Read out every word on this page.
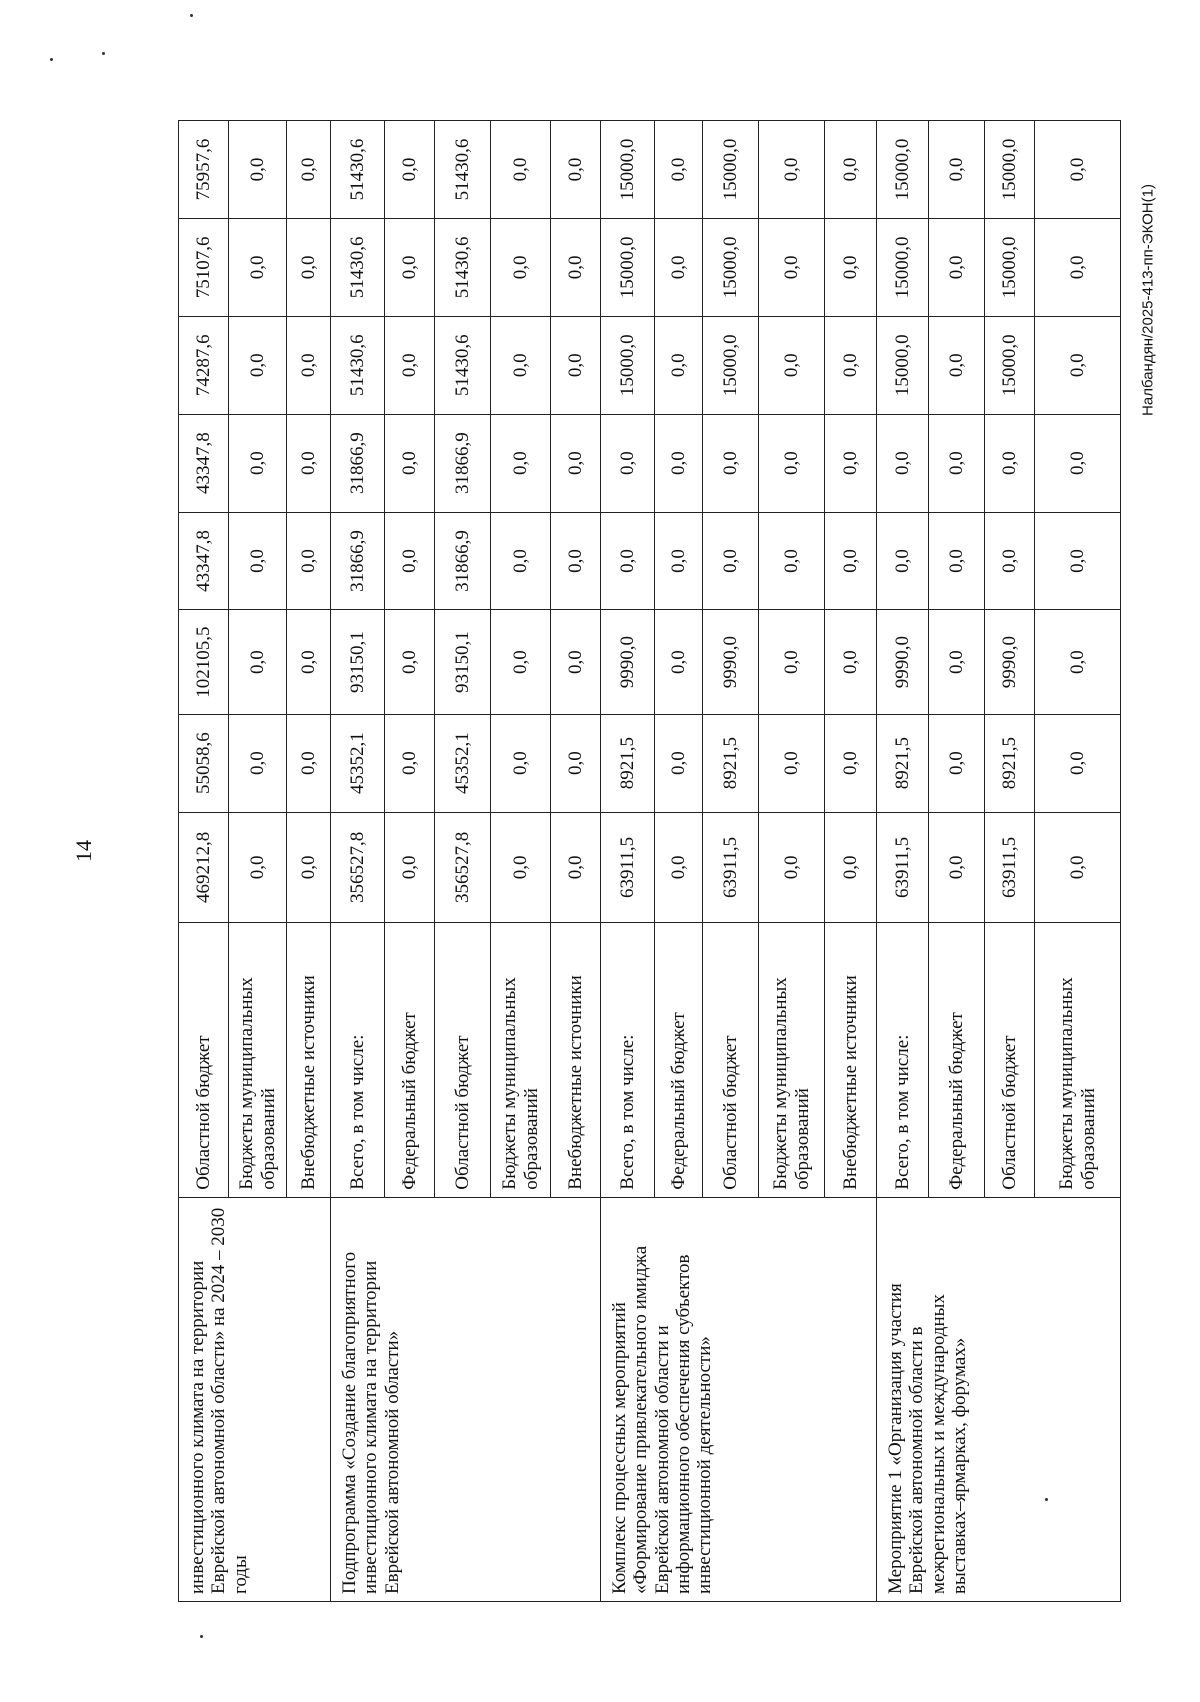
14
Налбандян/2025-413-пп-ЭКОН(1)
инвестиционного климата на территории Еврейской автономной области» на 2024 – 2030 годы	Областной бюджет	469212,8	55058,6	102105,5	43347,8	43347,8	74287,6	75107,6	75957,6
	Бюджеты муниципальных образований	0,0	0,0	0,0	0,0	0,0	0,0	0,0	0,0
	Внебюджетные источники	0,0	0,0	0,0	0,0	0,0	0,0	0,0	0,0
Подпрограмма «Создание благоприятного инвестиционного климата на территории Еврейской автономной области»	Всего, в том числе:	356527,8	45352,1	93150,1	31866,9	31866,9	51430,6	51430,6	51430,6
	Федеральный бюджет	0,0	0,0	0,0	0,0	0,0	0,0	0,0	0,0
	Областной бюджет	356527,8	45352,1	93150,1	31866,9	31866,9	51430,6	51430,6	51430,6
	Бюджеты муниципальных образований	0,0	0,0	0,0	0,0	0,0	0,0	0,0	0,0
	Внебюджетные источники	0,0	0,0	0,0	0,0	0,0	0,0	0,0	0,0
Комплекс процессных мероприятий «Формирование привлекательного имиджа Еврейской автономной области и информационного обеспечения субъектов инвестиционной деятельности»	Всего, в том числе:	63911,5	8921,5	9990,0	0,0	0,0	15000,0	15000,0	15000,0
	Федеральный бюджет	0,0	0,0	0,0	0,0	0,0	0,0	0,0	0,0
	Областной бюджет	63911,5	8921,5	9990,0	0,0	0,0	15000,0	15000,0	15000,0
	Бюджеты муниципальных образований	0,0	0,0	0,0	0,0	0,0	0,0	0,0	0,0
	Внебюджетные источники	0,0	0,0	0,0	0,0	0,0	0,0	0,0	0,0
Мероприятие 1 «Организация участия Еврейской автономной области в межрегиональных и международных выставках–ярмарках, форумах»	Всего, в том числе:	63911,5	8921,5	9990,0	0,0	0,0	15000,0	15000,0	15000,0
	Федеральный бюджет	0,0	0,0	0,0	0,0	0,0	0,0	0,0	0,0
	Областной бюджет	63911,5	8921,5	9990,0	0,0	0,0	15000,0	15000,0	15000,0
	Бюджеты муниципальных образований	0,0	0,0	0,0	0,0	0,0	0,0	0,0	0,0
